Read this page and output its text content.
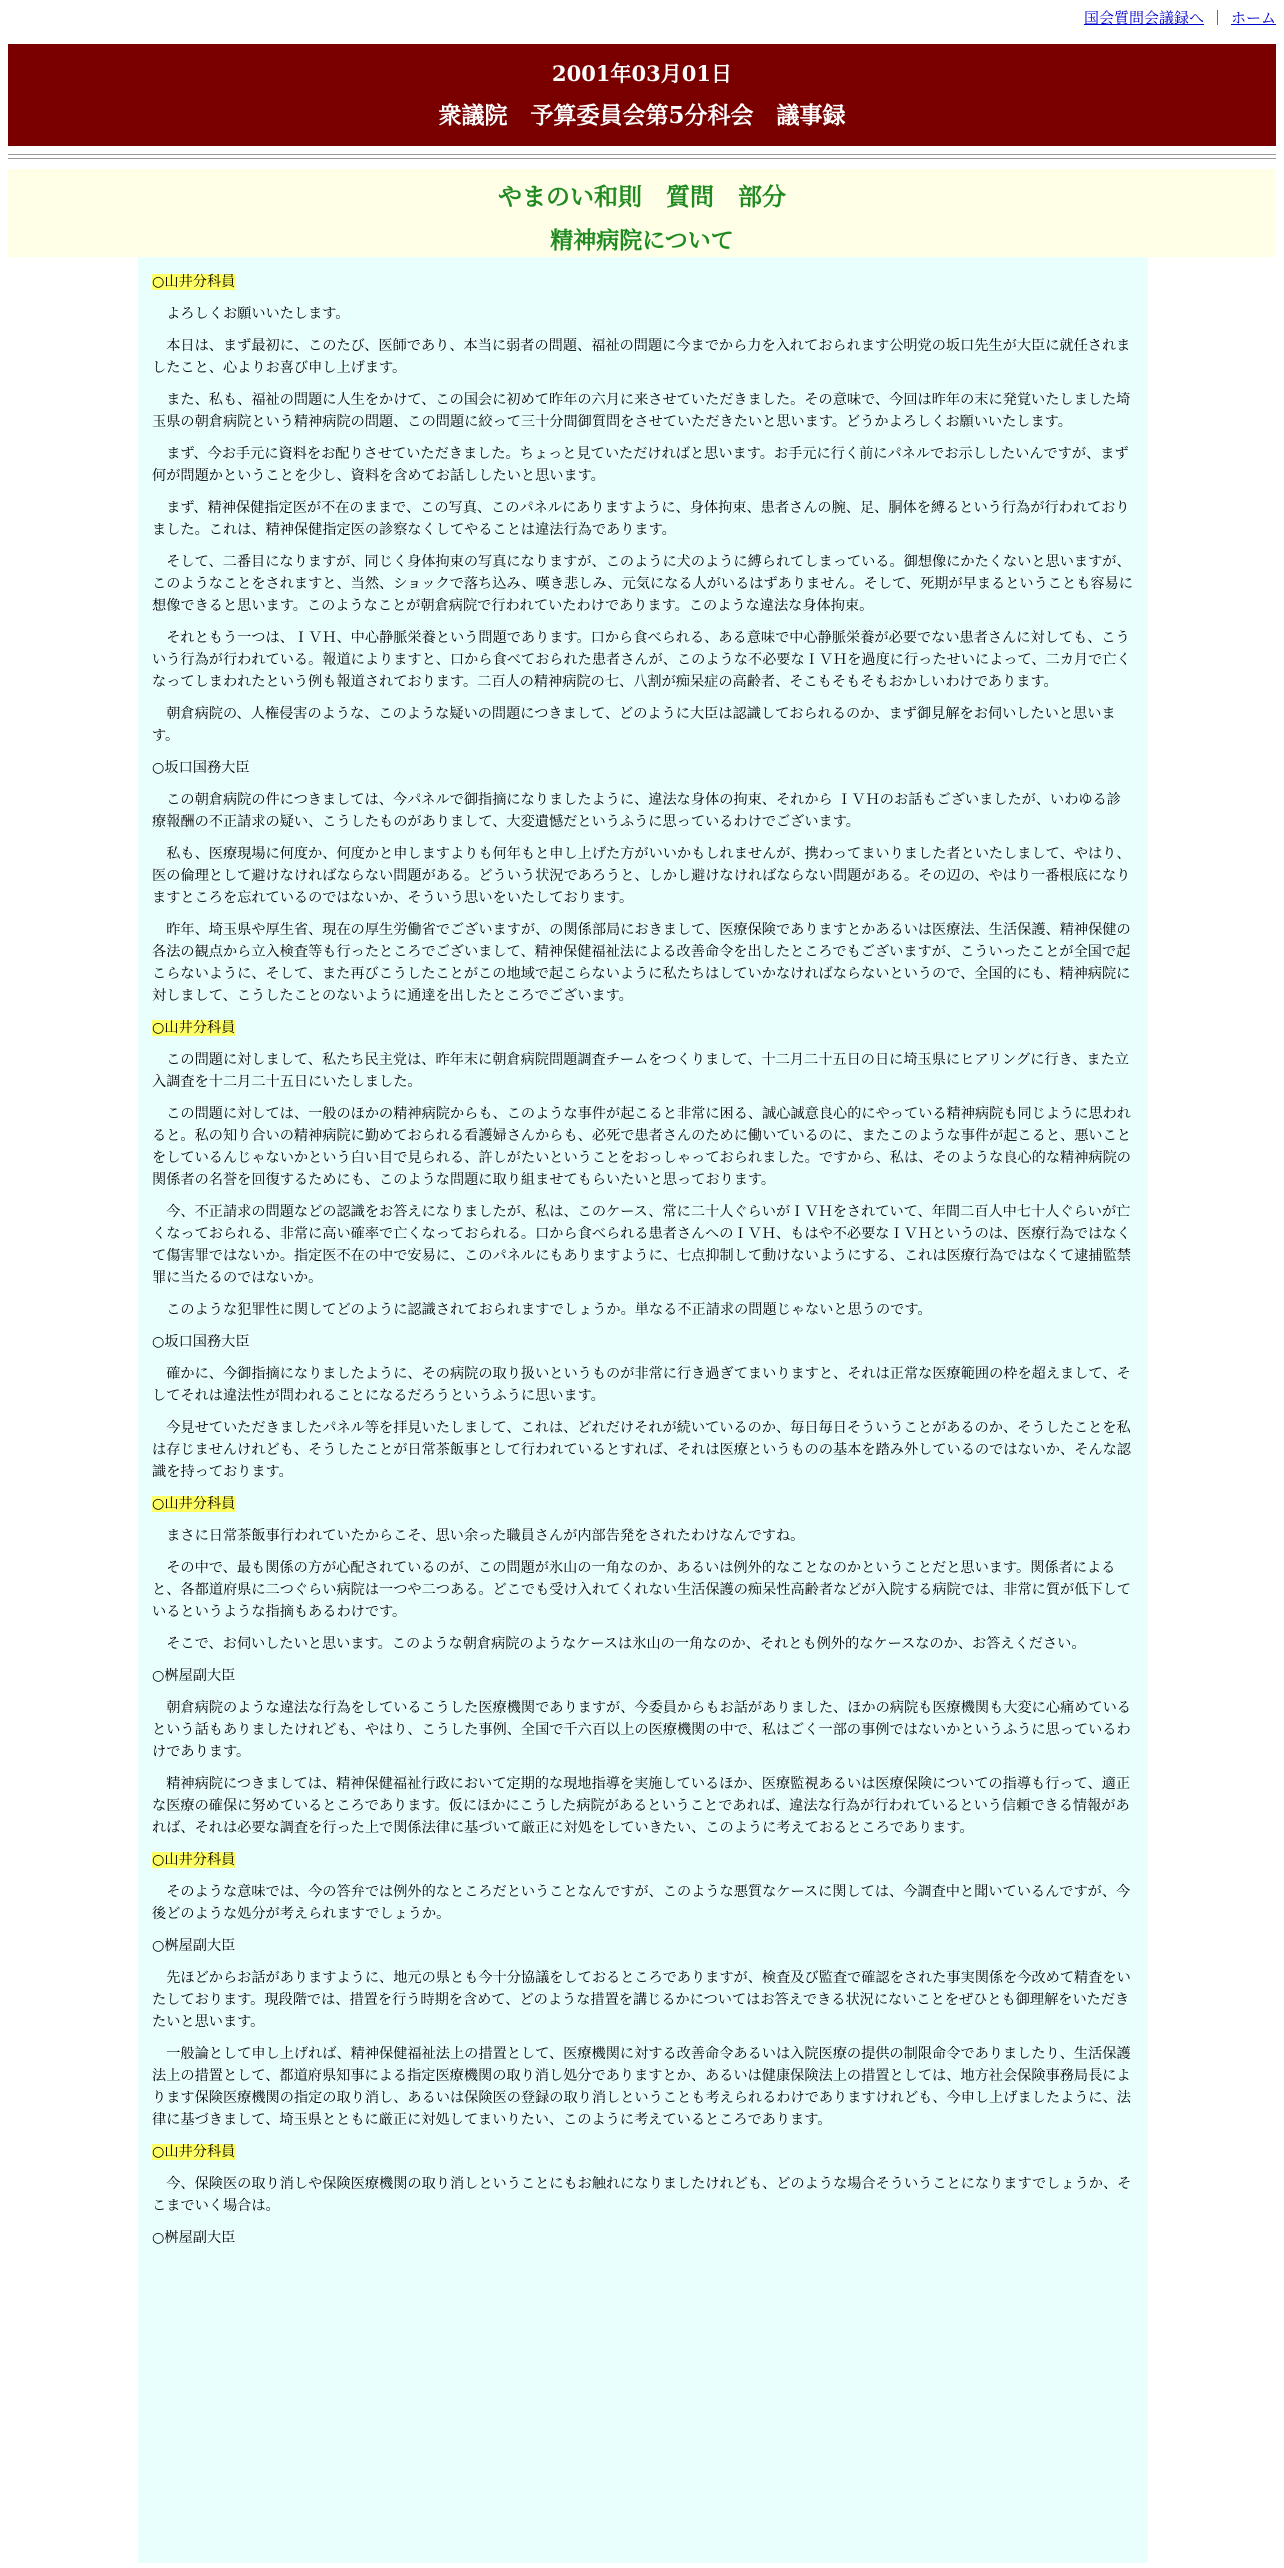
国会質問会議録へ ｜ ホーム
2001年03月01日
衆議院　予算委員会第5分科会　議事録
やまのい和則　質問　部分
精神病院について
○山井分科員

よろしくお願いいたします。

本日は、まず最初に、このたび、医師であり、本当に弱者の問題、福祉の問題に今までから力を入れておられます公明党の坂口先生が大臣に就任されましたこと、心よりお喜び申し上げます。

また、私も、福祉の問題に人生をかけて、この国会に初めて昨年の六月に来させていただきました。その意味で、今回は昨年の末に発覚いたしました埼玉県の朝倉病院という精神病院の問題、この問題に絞って三十分間御質問をさせていただきたいと思います。どうかよろしくお願いいたします。

まず、今お手元に資料をお配りさせていただきました。ちょっと見ていただければと思います。お手元に行く前にパネルでお示ししたいんですが、まず何が問題かということを少し、資料を含めてお話ししたいと思います。

まず、精神保健指定医が不在のままで、この写真、このパネルにありますように、身体拘束、患者さんの腕、足、胴体を縛るという行為が行われておりました。これは、精神保健指定医の診察なくしてやることは違法行為であります。

そして、二番目になりますが、同じく身体拘束の写真になりますが、このように犬のように縛られてしまっている。御想像にかたくないと思いますが、このようなことをされますと、当然、ショックで落ち込み、嘆き悲しみ、元気になる人がいるはずありません。そして、死期が早まるということも容易に想像できると思います。このようなことが朝倉病院で行われていたわけであります。このような違法な身体拘束。

それともう一つは、ＩＶＨ、中心静脈栄養という問題であります。口から食べられる、ある意味で中心静脈栄養が必要でない患者さんに対しても、こういう行為が行われている。報道によりますと、口から食べておられた患者さんが、このような不必要なＩＶＨを過度に行ったせいによって、二カ月で亡くなってしまわれたという例も報道されております。二百人の精神病院の七、八割が痴呆症の高齢者、そこもそもそもおかしいわけであります。

朝倉病院の、人権侵害のような、このような疑いの問題につきまして、どのように大臣は認識しておられるのか、まず御見解をお伺いしたいと思います。

○坂口国務大臣

この朝倉病院の件につきましては、今パネルで御指摘になりましたように、違法な身体の拘束、それから ＩＶＨのお話もございましたが、いわゆる診療報酬の不正請求の疑い、こうしたものがありまして、大変遺憾だというふうに思っているわけでございます。

私も、医療現場に何度か、何度かと申しますよりも何年もと申し上げた方がいいかもしれませんが、携わってまいりました者といたしまして、やはり、医の倫理として避けなければならない問題がある。どういう状況であろうと、しかし避けなければならない問題がある。その辺の、やはり一番根底になりますところを忘れているのではないか、そういう思いをいたしております。

昨年、埼玉県や厚生省、現在の厚生労働省でございますが、の関係部局におきまして、医療保険でありますとかあるいは医療法、生活保護、精神保健の各法の観点から立入検査等も行ったところでございまして、精神保健福祉法による改善命令を出したところでもございますが、こういったことが全国で起こらないように、そして、また再びこうしたことがこの地域で起こらないように私たちはしていかなければならないというので、全国的にも、精神病院に対しまして、こうしたことのないように通達を出したところでございます。

○山井分科員

この問題に対しまして、私たち民主党は、昨年末に朝倉病院問題調査チームをつくりまして、十二月二十五日の日に埼玉県にヒアリングに行き、また立入調査を十二月二十五日にいたしました。

この問題に対しては、一般のほかの精神病院からも、このような事件が起こると非常に困る、誠心誠意良心的にやっている精神病院も同じように思われると。私の知り合いの精神病院に勤めておられる看護婦さんからも、必死で患者さんのために働いているのに、またこのような事件が起こると、悪いことをしているんじゃないかという白い目で見られる、許しがたいということをおっしゃっておられました。ですから、私は、そのような良心的な精神病院の関係者の名誉を回復するためにも、このような問題に取り組ませてもらいたいと思っております。

今、不正請求の問題などの認識をお答えになりましたが、私は、このケース、常に二十人ぐらいがＩＶＨをされていて、年間二百人中七十人ぐらいが亡くなっておられる、非常に高い確率で亡くなっておられる。口から食べられる患者さんへのＩＶＨ、もはや不必要なＩＶＨというのは、医療行為ではなくて傷害罪ではないか。指定医不在の中で安易に、このパネルにもありますように、七点抑制して動けないようにする、これは医療行為ではなくて逮捕監禁罪に当たるのではないか。

このような犯罪性に関してどのように認識されておられますでしょうか。単なる不正請求の問題じゃないと思うのです。

○坂口国務大臣

確かに、今御指摘になりましたように、その病院の取り扱いというものが非常に行き過ぎてまいりますと、それは正常な医療範囲の枠を超えまして、そしてそれは違法性が問われることになるだろうというふうに思います。

今見せていただきましたパネル等を拝見いたしまして、これは、どれだけそれが続いているのか、毎日毎日そういうことがあるのか、そうしたことを私は存じませんけれども、そうしたことが日常茶飯事として行われているとすれば、それは医療というものの基本を踏み外しているのではないか、そんな認識を持っております。

○山井分科員

まさに日常茶飯事行われていたからこそ、思い余った職員さんが内部告発をされたわけなんですね。

その中で、最も関係の方が心配されているのが、この問題が氷山の一角なのか、あるいは例外的なことなのかということだと思います。関係者によると、各都道府県に二つぐらい病院は一つや二つある。どこでも受け入れてくれない生活保護の痴呆性高齢者などが入院する病院では、非常に質が低下しているというような指摘もあるわけです。

そこで、お伺いしたいと思います。このような朝倉病院のようなケースは氷山の一角なのか、それとも例外的なケースなのか、お答えください。

○桝屋副大臣

朝倉病院のような違法な行為をしているこうした医療機関でありますが、今委員からもお話がありました、ほかの病院も医療機関も大変に心痛めているという話もありましたけれども、やはり、こうした事例、全国で千六百以上の医療機関の中で、私はごく一部の事例ではないかというふうに思っているわけであります。

精神病院につきましては、精神保健福祉行政において定期的な現地指導を実施しているほか、医療監視あるいは医療保険についての指導も行って、適正な医療の確保に努めているところであります。仮にほかにこうした病院があるということであれば、違法な行為が行われているという信頼できる情報があれば、それは必要な調査を行った上で関係法律に基づいて厳正に対処をしていきたい、このように考えておるところであります。

○山井分科員

そのような意味では、今の答弁では例外的なところだということなんですが、このような悪質なケースに関しては、今調査中と聞いているんですが、今後どのような処分が考えられますでしょうか。

○桝屋副大臣

先ほどからお話がありますように、地元の県とも今十分協議をしておるところでありますが、検査及び監査で確認をされた事実関係を今改めて精査をいたしております。現段階では、措置を行う時期を含めて、どのような措置を講じるかについてはお答えできる状況にないことをぜひとも御理解をいただきたいと思います。

一般論として申し上げれば、精神保健福祉法上の措置として、医療機関に対する改善命令あるいは入院医療の提供の制限命令でありましたり、生活保護法上の措置として、都道府県知事による指定医療機関の取り消し処分でありますとか、あるいは健康保険法上の措置としては、地方社会保険事務局長によります保険医療機関の指定の取り消し、あるいは保険医の登録の取り消しということも考えられるわけでありますけれども、今申し上げましたように、法律に基づきまして、埼玉県とともに厳正に対処してまいりたい、このように考えているところであります。

○山井分科員

今、保険医の取り消しや保険医療機関の取り消しということにもお触れになりましたけれども、どのような場合そういうことになりますでしょうか、そこまでいく場合は。

○桝屋副大臣
